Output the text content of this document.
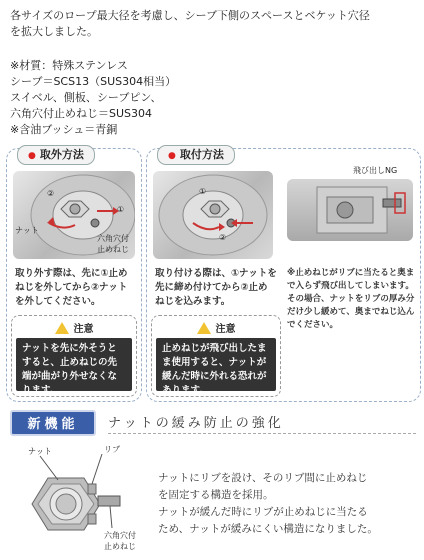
各サイズのロープ最大径を考慮し、シーブ下側のスペースとベケット穴径
を拡大しました。
※材質：特殊ステンレス
シーブ＝SCS13（SUS304相当）
スイベル、側板、シーブピン、
六角穴付止めねじ＝SUS304
※含油ブッシュ＝青銅
● 取外方法
②
①
ナット
六角穴付
止めねじ
取り外す際は、先に①止めねじを外してから②ナットを外してください。
注意
ナットを先に外そうとすると、止めねじの先端が曲がり外せなくなります。
● 取付方法
①
②
飛び出しNG
取り付ける際は、①ナットを先に締め付けてから②止めねじを込みます。
※止めねじがリブに当たると奥まで入らず飛び出してしまいます。その場合、ナットをリブの厚み分だけ少し緩めて、奥までねじ込んでください。
注意
止めねじが飛び出したまま使用すると、ナットが緩んだ時に外れる恐れがあります。
新機能	ナットの緩み防止の強化
ナット	リブ
六角穴付
止めねじ
ナットにリブを設け、そのリブ間に止めねじ
を固定する構造を採用。
ナットが緩んだ時にリブが止めねじに当たる
ため、ナットが緩みにくい構造になりました。
